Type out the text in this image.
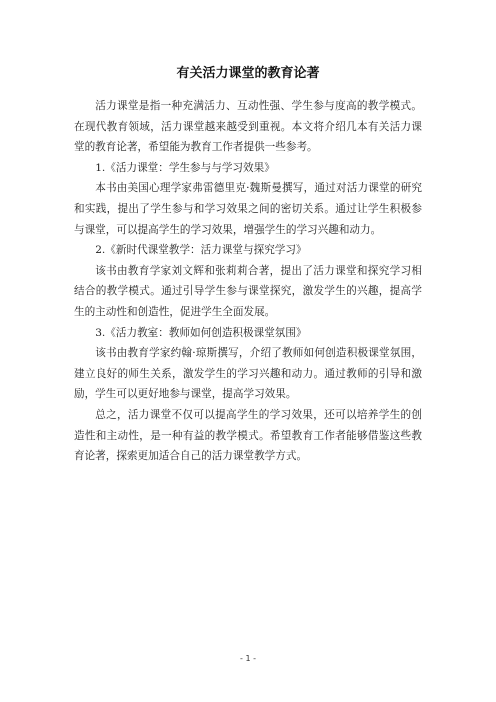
有关活力课堂的教育论著

活力课堂是指一种充满活力、互动性强、学生参与度高的教学模式。在现代教育领域，活力课堂越来越受到重视。本文将介绍几本有关活力课堂的教育论著，希望能为教育工作者提供一些参考。

1.《活力课堂：学生参与与学习效果》

本书由美国心理学家弗雷德里克·魏斯曼撰写，通过对活力课堂的研究和实践，提出了学生参与和学习效果之间的密切关系。通过让学生积极参与课堂，可以提高学生的学习效果，增强学生的学习兴趣和动力。

2.《新时代课堂教学：活力课堂与探究学习》

该书由教育学家刘文辉和张莉莉合著，提出了活力课堂和探究学习相结合的教学模式。通过引导学生参与课堂探究，激发学生的兴趣，提高学生的主动性和创造性，促进学生全面发展。

3.《活力教室：教师如何创造积极课堂氛围》

该书由教育学家约翰·琼斯撰写，介绍了教师如何创造积极课堂氛围，建立良好的师生关系，激发学生的学习兴趣和动力。通过教师的引导和激励，学生可以更好地参与课堂，提高学习效果。

总之，活力课堂不仅可以提高学生的学习效果，还可以培养学生的创造性和主动性，是一种有益的教学模式。希望教育工作者能够借鉴这些教育论著，探索更加适合自己的活力课堂教学方式。

- 1 -
